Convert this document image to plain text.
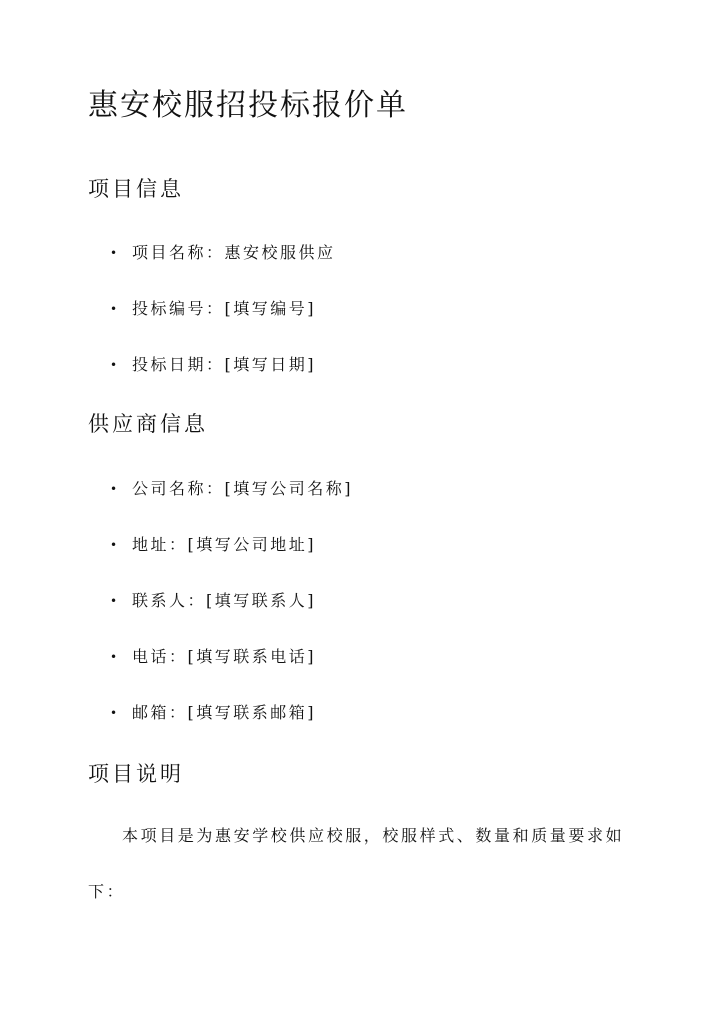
惠安校服招投标报价单
项目信息
• 项目名称：惠安校服供应
• 投标编号：[填写编号]
• 投标日期：[填写日期]
供应商信息
• 公司名称：[填写公司名称]
• 地址：[填写公司地址]
• 联系人：[填写联系人]
• 电话：[填写联系电话]
• 邮箱：[填写联系邮箱]
项目说明

本项目是为惠安学校供应校服，校服样式、数量和质量要求如下：
